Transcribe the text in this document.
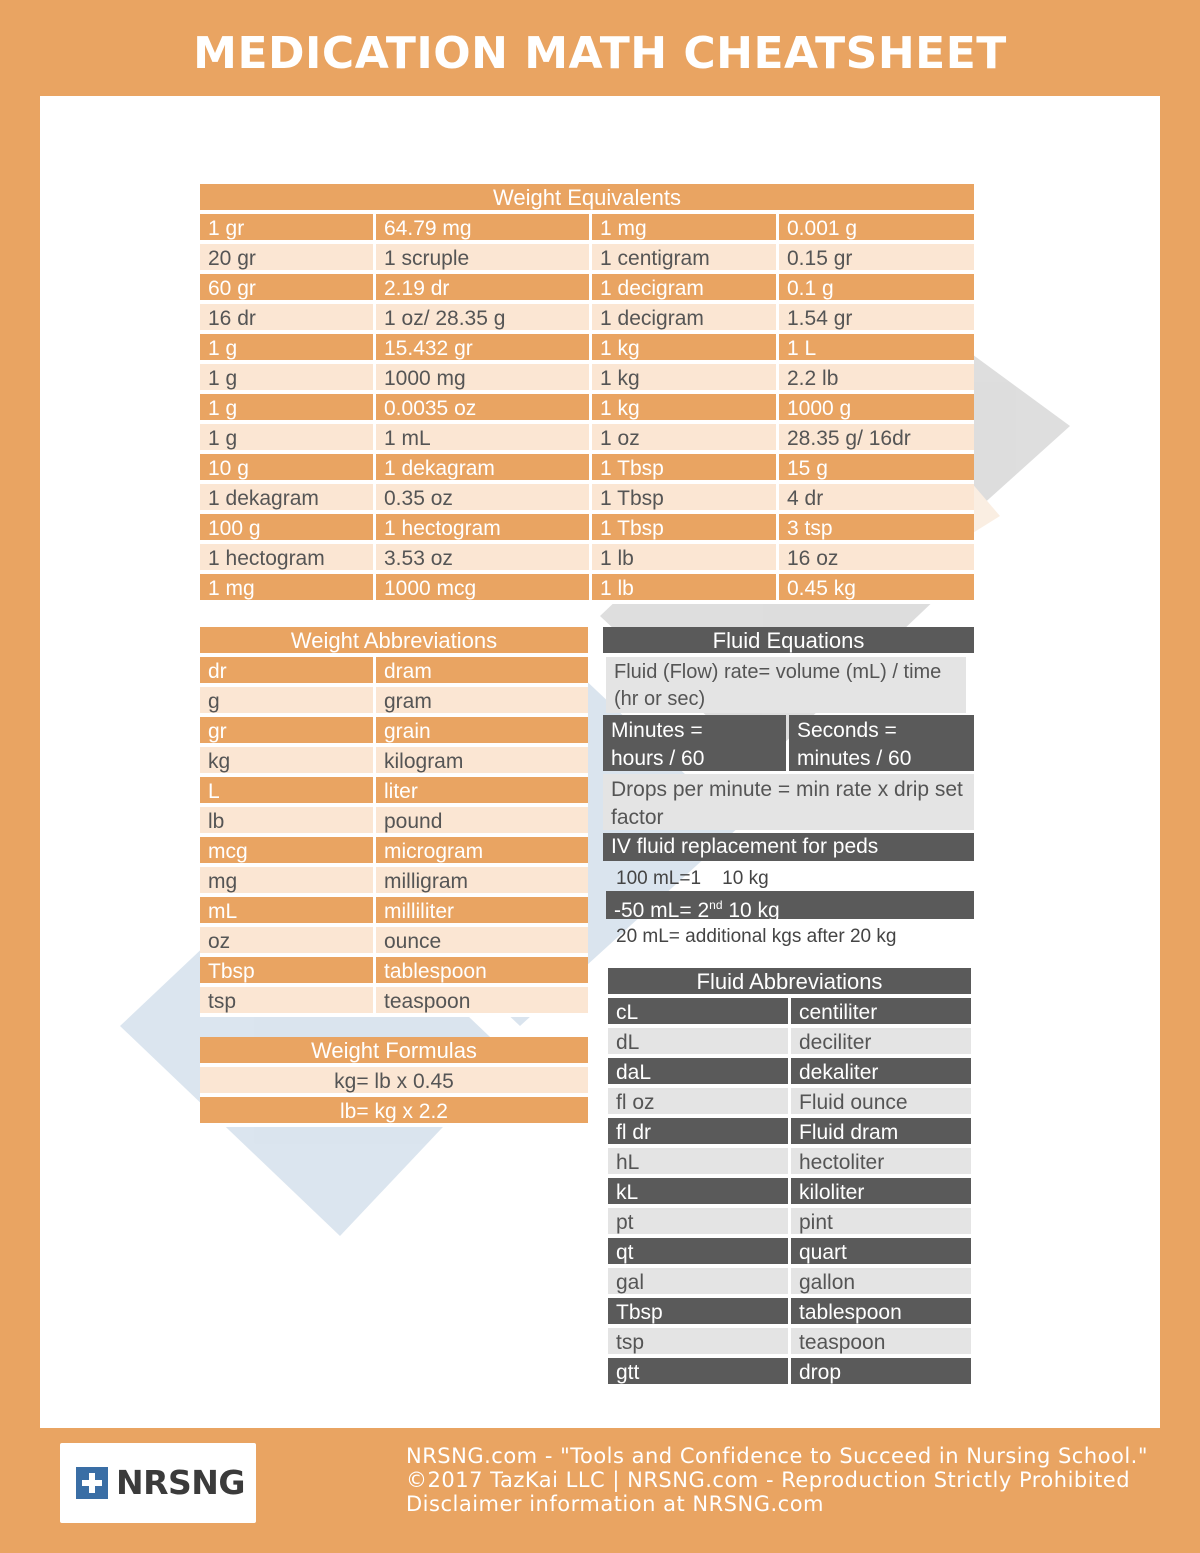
MEDICATION MATH CHEATSHEET
Weight Equivalents
1 gr	64.79 mg	1 mg	0.001 g
20 gr	1 scruple	1 centigram	0.15 gr
60 gr	2.19 dr	1 decigram	0.1 g
16 dr	1 oz/ 28.35 g	1 decigram	1.54 gr
1 g	15.432 gr	1 kg	1 L
1 g	1000 mg	1 kg	2.2 lb
1 g	0.0035 oz	1 kg	1000 g
1 g	1 mL	1 oz	28.35 g/ 16dr
10 g	1 dekagram	1 Tbsp	15 g
1 dekagram	0.35 oz	1 Tbsp	4 dr
100 g	1 hectogram	1 Tbsp	3 tsp
1 hectogram	3.53 oz	1 lb	16 oz
1 mg	1000 mcg	1 lb	0.45 kg
Weight Abbreviations
dr	dram
g	gram
gr	grain
kg	kilogram
L	liter
lb	pound
mcg	microgram
mg	milligram
mL	milliliter
oz	ounce
Tbsp	tablespoon
tsp	teaspoon
Weight Formulas
kg= lb x 0.45
lb= kg x 2.2
Fluid Equations
Fluid (Flow) rate= volume (mL) / time (hr or sec)
Minutes = hours / 60
Seconds = minutes / 60
Drops per minute = min rate x drip set factor
IV fluid replacement for peds
100 mL=1    10 kg
-50 mL= 2nd 10 kg
20 mL= additional kgs after 20 kg
Fluid Abbreviations
cL	centiliter
dL	deciliter
daL	dekaliter
fl oz	Fluid ounce
fl dr	Fluid dram
hL	hectoliter
kL	kiloliter
pt	pint
qt	quart
gal	gallon
Tbsp	tablespoon
tsp	teaspoon
gtt	drop
NRSNG
NRSNG.com - "Tools and Confidence to Succeed in Nursing School."
©2017 TazKai LLC | NRSNG.com - Reproduction Strictly Prohibited
Disclaimer information at NRSNG.com
